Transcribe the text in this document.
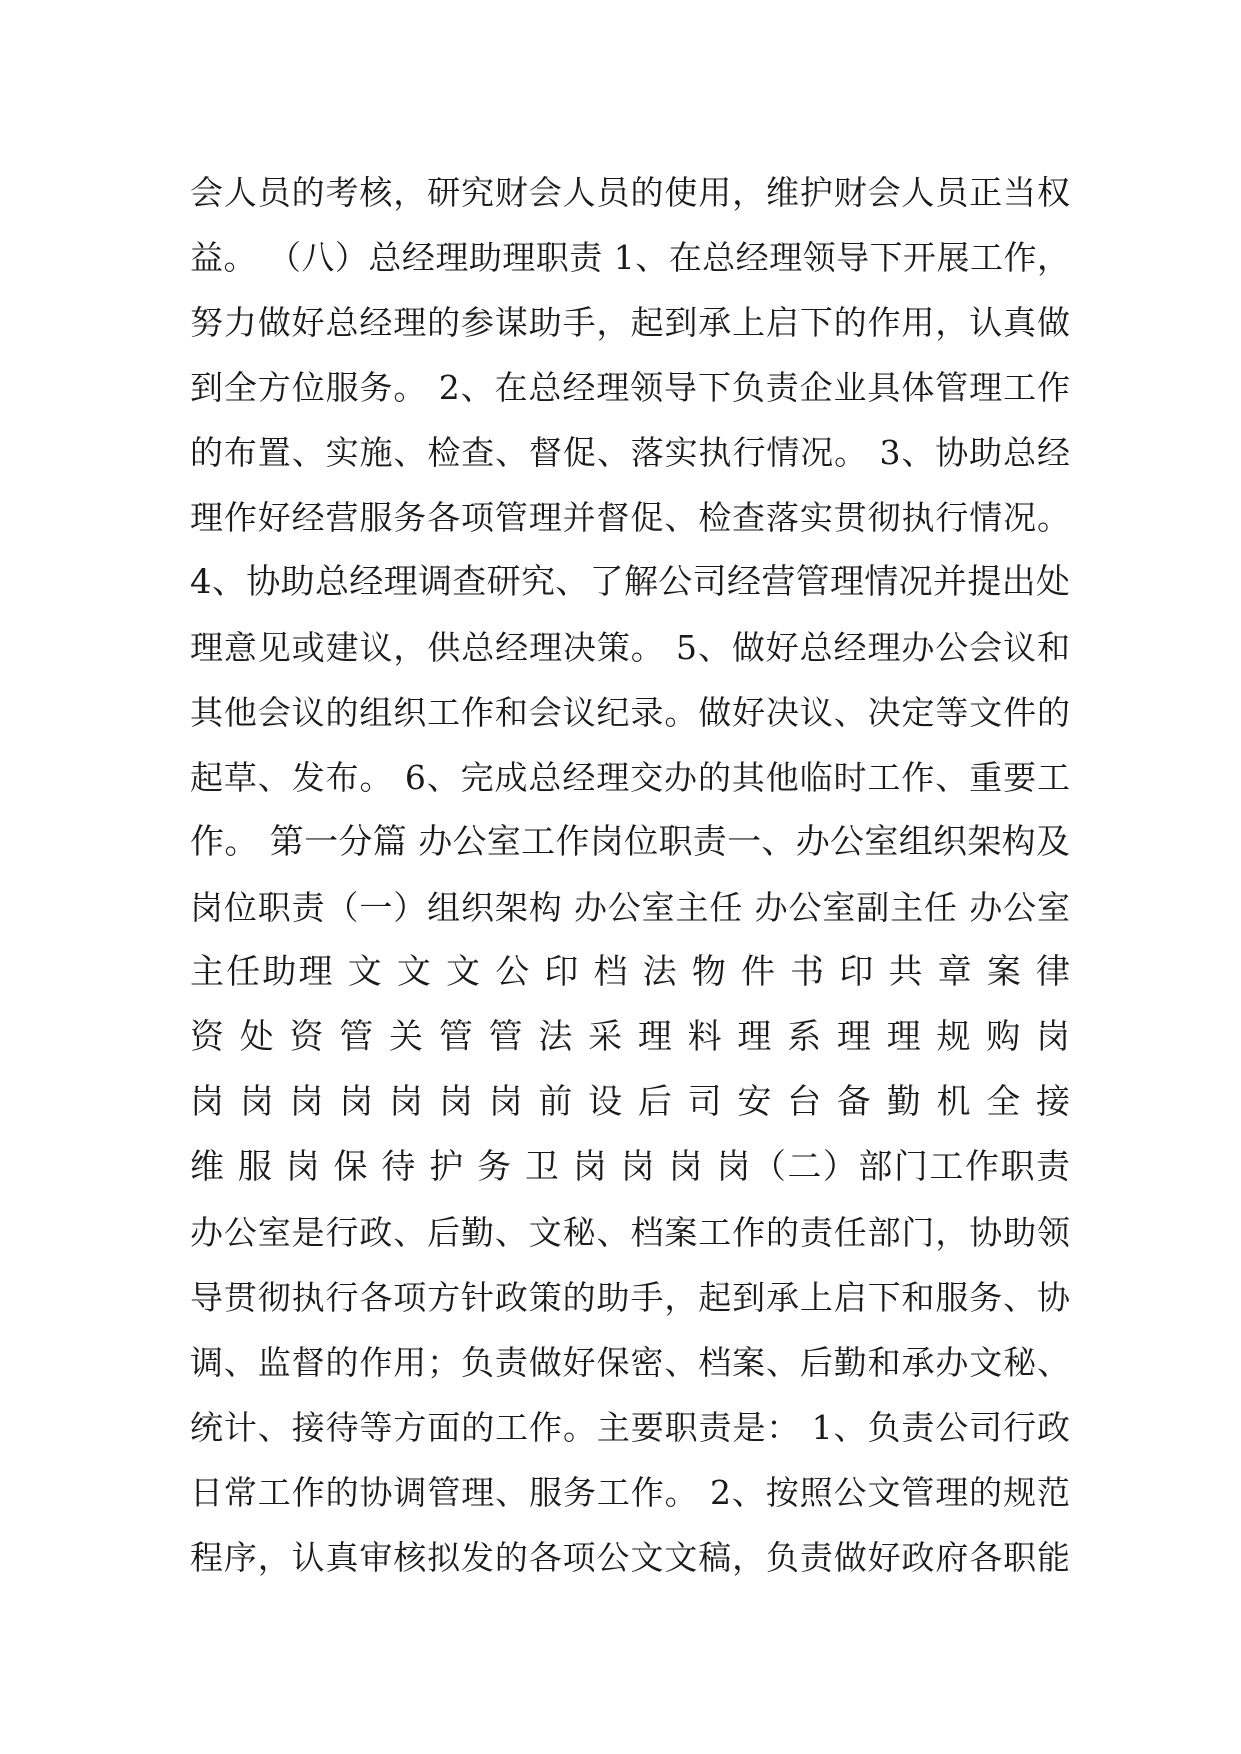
会人员的考核，研究财会人员的使用，维护财会人员正当权
益。 （八）总经理助理职责 1、在总经理领导下开展工作，
努力做好总经理的参谋助手，起到承上启下的作用，认真做
到全方位服务。 2、在总经理领导下负责企业具体管理工作
的布置、实施、检查、督促、落实执行情况。 3、协助总经
理作好经营服务各项管理并督促、检查落实贯彻执行情况。
4、协助总经理调查研究、了解公司经营管理情况并提出处
理意见或建议，供总经理决策。 5、做好总经理办公会议和
其他会议的组织工作和会议纪录。做好决议、决定等文件的
起草、发布。 6、完成总经理交办的其他临时工作、重要工
作。 第一分篇 办公室工作岗位职责一、办公室组织架构及
岗位职责（一）组织架构 办公室主任 办公室副主任 办公室
主任助理 文 文 文 公 印 档 法 物 件 书 印 共 章 案 律
资 处 资 管 关 管 管 法 采 理 料 理 系 理 理 规 购 岗
岗 岗 岗 岗 岗 岗 岗 前 设 后 司 安 台 备 勤 机 全 接
维 服 岗 保 待 护 务 卫 岗 岗 岗 岗（二）部门工作职责
办公室是行政、后勤、文秘、档案工作的责任部门，协助领
导贯彻执行各项方针政策的助手，起到承上启下和服务、协
调、监督的作用；负责做好保密、档案、后勤和承办文秘、
统计、接待等方面的工作。主要职责是： 1、负责公司行政
日常工作的协调管理、服务工作。 2、按照公文管理的规范
程序，认真审核拟发的各项公文文稿，负责做好政府各职能
